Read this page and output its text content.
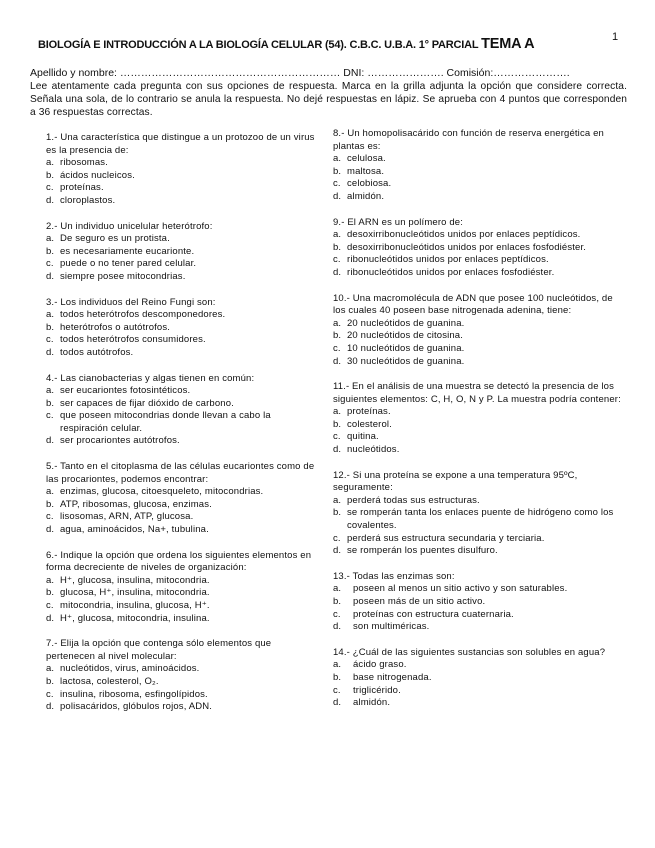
1
BIOLOGÍA E INTRODUCCIÓN A LA BIOLOGÍA CELULAR (54). C.B.C. U.B.A. 1° PARCIAL TEMA A
Apellido y nombre: ……………………………………………………… DNI: …………………. Comisión:………………….
Lee atentamente cada pregunta con sus opciones de respuesta. Marca en la grilla adjunta la opción que considere correcta. Señala una sola, de lo contrario se anula la respuesta. No dejé respuestas en lápiz. Se aprueba con 4 puntos que corresponden a 36 respuestas correctas.
1.- Una característica que distingue a un protozoo de un virus es la presencia de:
a. ribosomas.
b. ácidos nucleicos.
c. proteínas.
d. cloroplastos.
2.- Un individuo unicelular heterótrofo:
a. De seguro es un protista.
b. es necesariamente eucarionte.
c. puede o no tener pared celular.
d. siempre posee mitocondrias.
3.- Los individuos del Reino Fungi son:
a. todos heterótrofos descomponedores.
b. heterótrofos o autótrofos.
c. todos heterótrofos consumidores.
d. todos autótrofos.
4.- Las cianobacterias y algas tienen en común:
a. ser eucariontes fotosintéticos.
b. ser capaces de fijar dióxido de carbono.
c. que poseen mitocondrias donde llevan a cabo la respiración celular.
d. ser procariontes autótrofos.
5.- Tanto en el citoplasma de las células eucariontes como de las procariontes, podemos encontrar:
a. enzimas, glucosa, citoesqueleto, mitocondrias.
b. ATP, ribosomas, glucosa, enzimas.
c. lisosomas, ARN, ATP, glucosa.
d. agua, aminoácidos, Na+, tubulina.
6.- Indique la opción que ordena los siguientes elementos en forma decreciente de niveles de organización:
a. H⁺, glucosa, insulina, mitocondria.
b. glucosa, H⁺, insulina, mitocondria.
c. mitocondria, insulina, glucosa, H⁺.
d. H⁺, glucosa, mitocondria, insulina.
7.- Elija la opción que contenga sólo elementos que pertenecen al nivel molecular:
a. nucleótidos, virus, aminoácidos.
b. lactosa, colesterol, O₂.
c. insulina, ribosoma, esfingolípidos.
d. polisacáridos, glóbulos rojos, ADN.
8.- Un homopolisacárido con función de reserva energética en plantas es:
a. celulosa.
b. maltosa.
c. celobiosa.
d. almidón.
9.- El ARN es un polímero de:
a. desoxirribonucleótidos unidos por enlaces peptídicos.
b. desoxirribonucleótidos unidos por enlaces fosfodiéster.
c. ribonucleótidos unidos por enlaces peptídicos.
d. ribonucleótidos unidos por enlaces fosfodiéster.
10.- Una macromolécula de ADN que posee 100 nucleótidos, de los cuales 40 poseen base nitrogenada adenina, tiene:
a. 20 nucleótidos de guanina.
b. 20 nucleótidos de citosina.
c. 10 nucleótidos de guanina.
d. 30 nucleótidos de guanina.
11.- En el análisis de una muestra se detectó la presencia de los siguientes elementos: C, H, O, N y P. La muestra podría contener:
a. proteínas.
b. colesterol.
c. quitina.
d. nucleótidos.
12.- Si una proteína se expone a una temperatura 95ºC, seguramente:
a. perderá todas sus estructuras.
b. se romperán tanta los enlaces puente de hidrógeno como los covalentes.
c. perderá sus estructura secundaria y terciaria.
d. se romperán los puentes disulfuro.
13.- Todas las enzimas son:
a.	poseen al menos un sitio activo y son saturables.
b.	poseen más de un sitio activo.
c.	proteínas con estructura cuaternaria.
d.	son multiméricas.
14.- ¿Cuál de las siguientes sustancias son solubles en agua?
a.	ácido graso.
b.	base nitrogenada.
c.	triglicérido.
d.	almidón.
